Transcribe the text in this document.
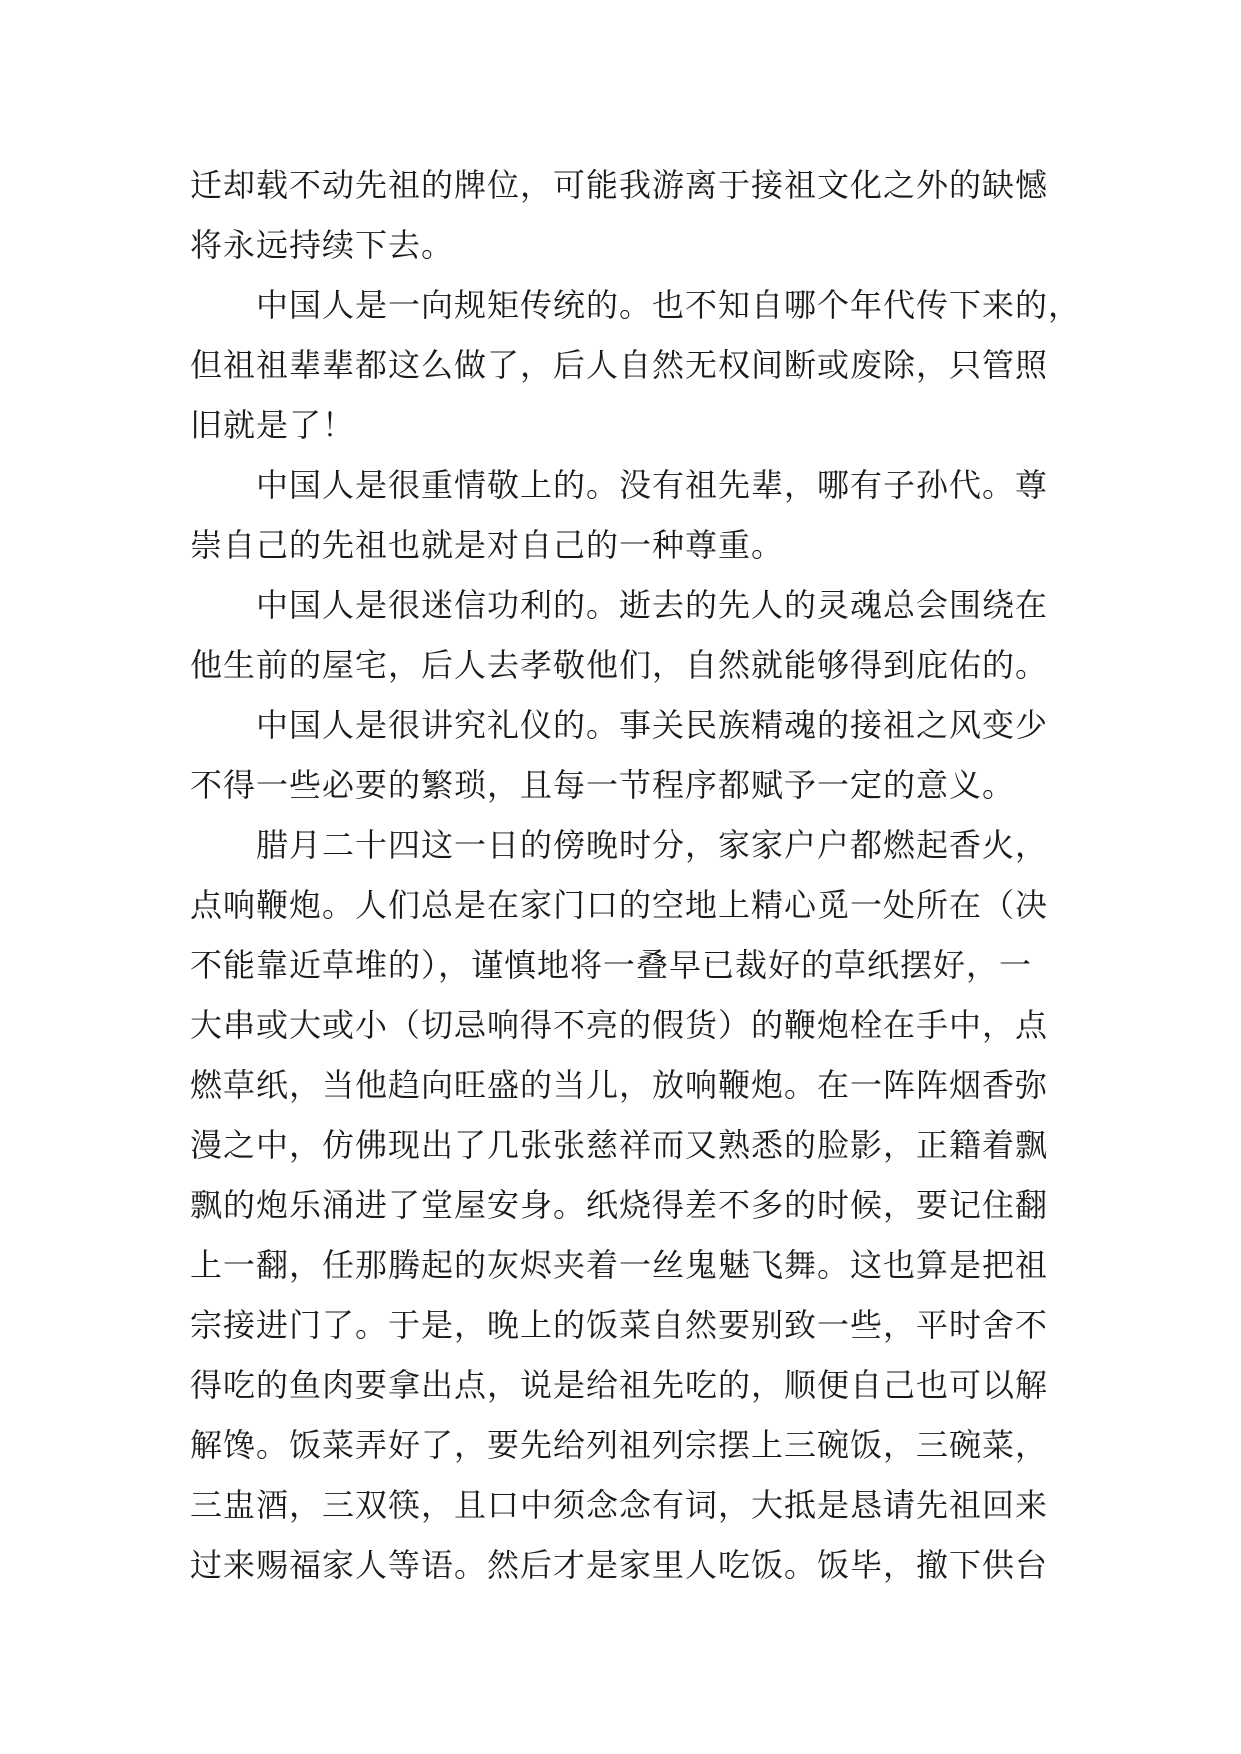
迁却载不动先祖的牌位，可能我游离于接祖文化之外的缺憾
将永远持续下去。
中国人是一向规矩传统的。也不知自哪个年代传下来的，
但祖祖辈辈都这么做了，后人自然无权间断或废除，只管照
旧就是了！
中国人是很重情敬上的。没有祖先辈，哪有子孙代。尊
崇自己的先祖也就是对自己的一种尊重。
中国人是很迷信功利的。逝去的先人的灵魂总会围绕在
他生前的屋宅，后人去孝敬他们，自然就能够得到庇佑的。
中国人是很讲究礼仪的。事关民族精魂的接祖之风变少
不得一些必要的繁琐，且每一节程序都赋予一定的意义。
腊月二十四这一日的傍晚时分，家家户户都燃起香火，
点响鞭炮。人们总是在家门口的空地上精心觅一处所在（决
不能靠近草堆的），谨慎地将一叠早已裁好的草纸摆好，一
大串或大或小（切忌响得不亮的假货）的鞭炮栓在手中，点
燃草纸，当他趋向旺盛的当儿，放响鞭炮。在一阵阵烟香弥
漫之中，仿佛现出了几张张慈祥而又熟悉的脸影，正籍着飘
飘的炮乐涌进了堂屋安身。纸烧得差不多的时候，要记住翻
上一翻，任那腾起的灰烬夹着一丝鬼魅飞舞。这也算是把祖
宗接进门了。于是，晚上的饭菜自然要别致一些，平时舍不
得吃的鱼肉要拿出点，说是给祖先吃的，顺便自己也可以解
解馋。饭菜弄好了，要先给列祖列宗摆上三碗饭，三碗菜，
三盅酒，三双筷，且口中须念念有词，大抵是恳请先祖回来
过来赐福家人等语。然后才是家里人吃饭。饭毕，撤下供台
